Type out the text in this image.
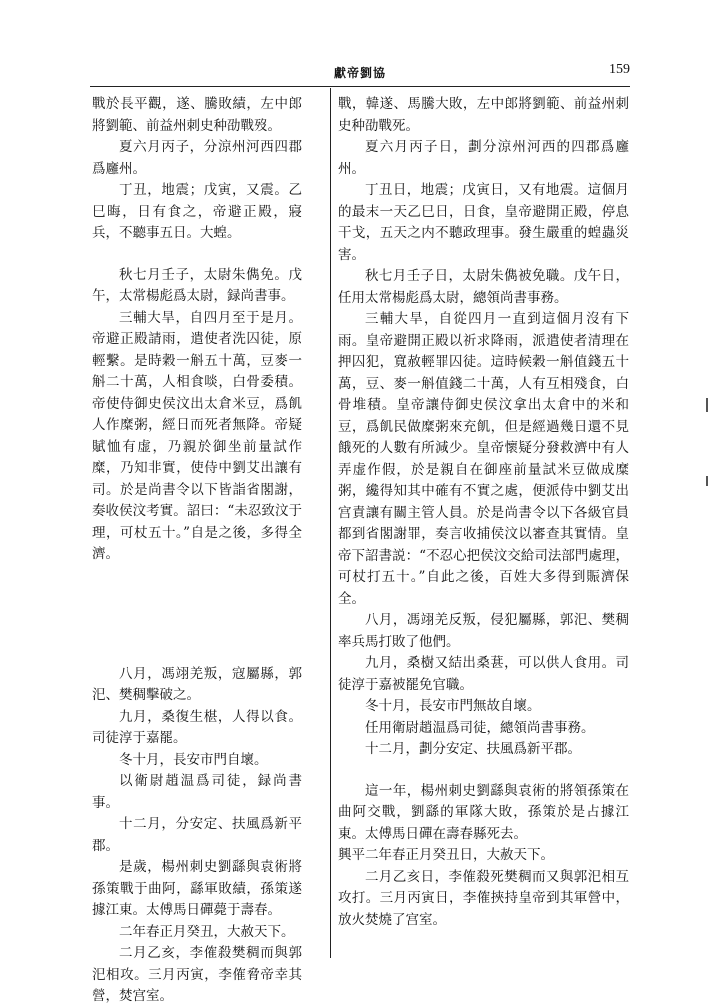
獻帝劉協	159

戰於長平觀，遂、騰敗績，左中郎將劉範、前益州刺史种劭戰歿。

夏六月丙子，分涼州河西四郡爲廱州。

丁丑，地震；戊寅，又震。乙巳晦，日有食之，帝避正殿，寢兵，不聽事五日。大蝗。

秋七月壬子，太尉朱儁免。戊午，太常楊彪爲太尉，録尚書事。

三輔大旱，自四月至于是月。帝避正殿請雨，遣使者洗囚徒，原輕繫。是時穀一斛五十萬，豆麥一斛二十萬，人相食啖，白骨委積。帝使侍御史侯汶出太倉米豆，爲飢人作糜粥，經日而死者無降。帝疑賦恤有虚，乃親於御坐前量試作糜，乃知非實，使侍中劉艾出讓有司。於是尚書令以下皆詣省閣謝，奏收侯汶考實。詔曰：“未忍致汶于理，可杖五十。”自是之後，多得全濟。

八月，馮翊羌叛，寇屬縣，郭汜、樊稠擊破之。

九月，桑復生椹，人得以食。司徒淳于嘉罷。

冬十月，長安市門自壞。

以衛尉趙温爲司徒，録尚書事。

十二月，分安定、扶風爲新平郡。

是歲，楊州刺史劉繇與袁術將孫策戰于曲阿，繇軍敗績，孫策遂據江東。太傅馬日磾薨于壽春。

二年春正月癸丑，大赦天下。

二月乙亥，李傕殺樊稠而與郭汜相攻。三月丙寅，李傕脅帝幸其營，焚宫室。

戰，韓遂、馬騰大敗，左中郎將劉範、前益州刺史种劭戰死。

夏六月丙子日，劃分涼州河西的四郡爲廱州。

丁丑日，地震；戊寅日，又有地震。這個月的最末一天乙巳日，日食，皇帝避開正殿，停息干戈，五天之内不聽政理事。發生嚴重的蝗蟲災害。

秋七月壬子日，太尉朱儁被免職。戊午日，任用太常楊彪爲太尉，總領尚書事務。

三輔大旱，自從四月一直到這個月沒有下雨。皇帝避開正殿以祈求降雨，派遣使者清理在押囚犯，寬赦輕罪囚徒。這時候穀一斛值錢五十萬，豆、麥一斛值錢二十萬，人有互相殘食，白骨堆積。皇帝讓侍御史侯汶拿出太倉中的米和豆，爲飢民做糜粥來充飢，但是經過幾日還不見餓死的人數有所減少。皇帝懷疑分發救濟中有人弄虚作假，於是親自在御座前量試米豆做成糜粥，纔得知其中確有不實之處，便派侍中劉艾出宫責讓有關主管人員。於是尚書令以下各級官員都到省閣謝罪，奏言收捕侯汶以審查其實情。皇帝下詔書説：“不忍心把侯汶交給司法部門處理，可杖打五十。”自此之後，百姓大多得到賑濟保全。

八月，馮翊羌反叛，侵犯屬縣，郭汜、樊稠率兵馬打敗了他們。

九月，桑樹又結出桑葚，可以供人食用。司徒淳于嘉被罷免官職。

冬十月，長安市門無故自壞。

任用衛尉趙温爲司徒，總領尚書事務。

十二月，劃分安定、扶風爲新平郡。

這一年，楊州刺史劉繇與袁術的將領孫策在曲阿交戰，劉繇的軍隊大敗，孫策於是占據江東。太傅馬日磾在壽春縣死去。

興平二年春正月癸丑日，大赦天下。

二月乙亥日，李傕殺死樊稠而又與郭汜相互攻打。三月丙寅日，李傕挾持皇帝到其軍營中，放火焚燒了宫室。
